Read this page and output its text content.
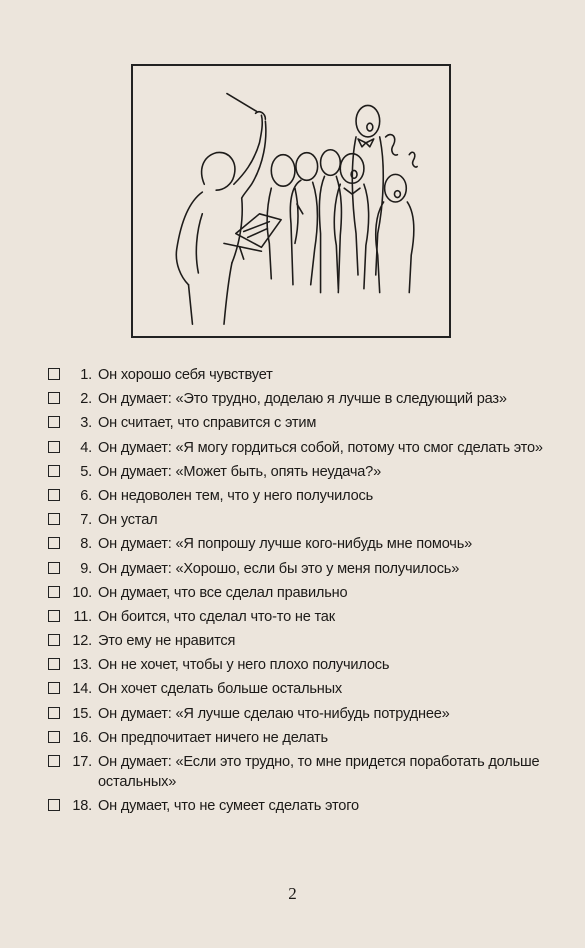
1. Он хорошо себя чувствует
2. Он думает: «Это трудно, доделаю я лучше в следующий раз»
3. Он считает, что справится с этим
4. Он думает: «Я могу гордиться собой, потому что смог сделать это»
5. Он думает: «Может быть, опять неудача?»
6. Он недоволен тем, что у него получилось
7. Он устал
8. Он думает: «Я попрошу лучше кого-нибудь мне помочь»
9. Он думает: «Хорошо, если бы это у меня получилось»
10. Он думает, что все сделал правильно
11. Он боится, что сделал что-то не так
12. Это ему не нравится
13. Он не хочет, чтобы у него плохо получилось
14. Он хочет сделать больше остальных
15. Он думает: «Я лучше сделаю что-нибудь потруднее»
16. Он предпочитает ничего не делать
17. Он думает: «Если это трудно, то мне придется поработать дольше остальных»
18. Он думает, что не сумеет сделать этого
2
